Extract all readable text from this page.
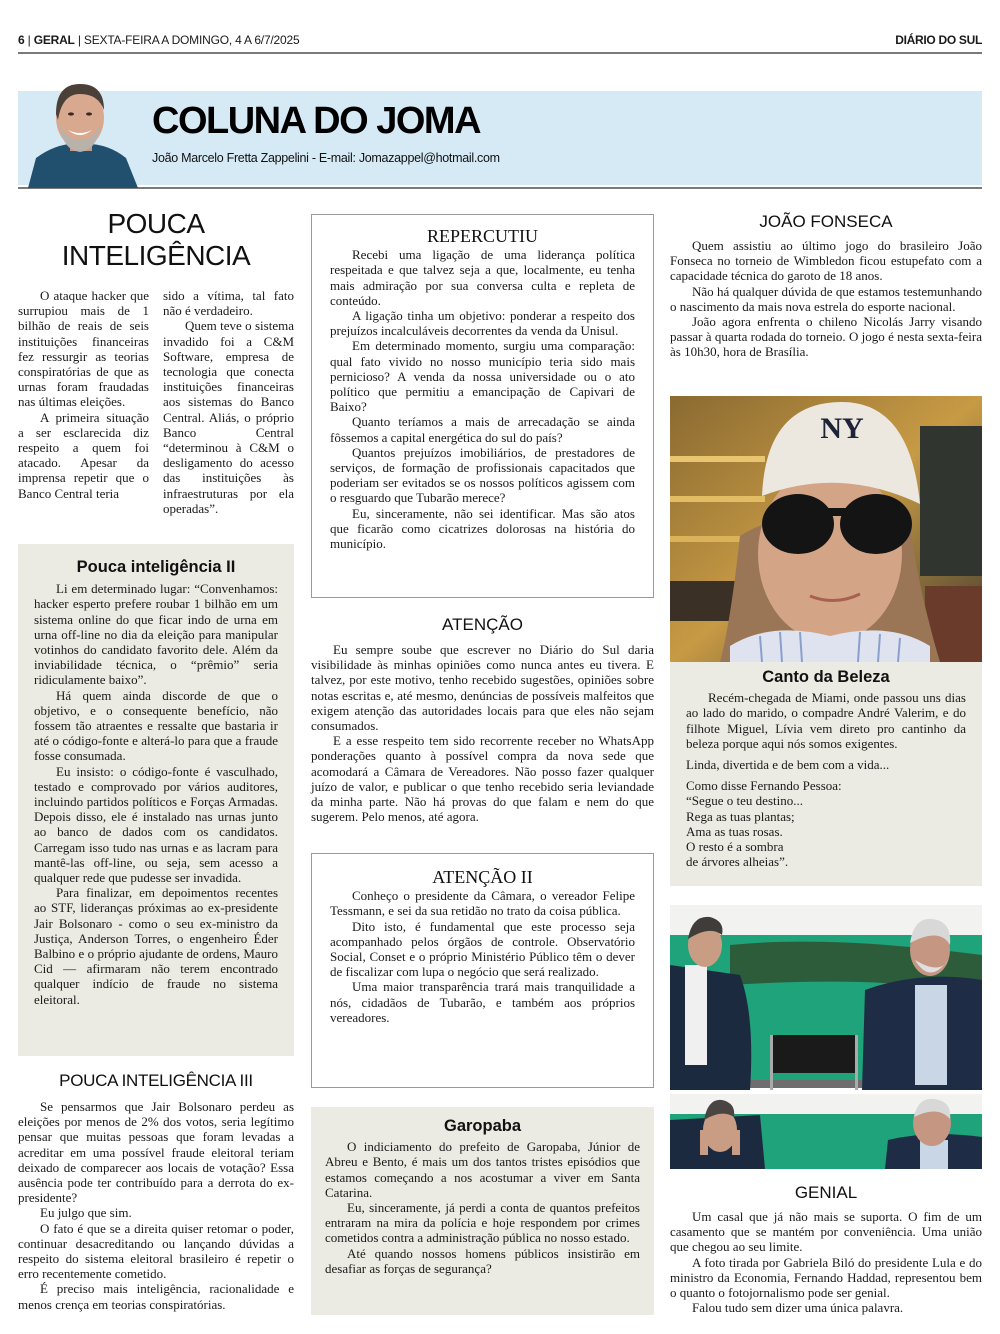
6 | GERAL | SEXTA-FEIRA A DOMINGO, 4 A 6/7/2025	DIÁRIO DO SUL
COLUNA DO JOMA
João Marcelo Fretta Zappelini - E-mail: Jomazappel@hotmail.com
POUCA
INTELIGÊNCIA

O ataque hacker que surrupiou mais de 1 bilhão de reais de seis instituições financeiras fez ressurgir as teorias conspiratórias de que as urnas foram fraudadas nas últimas eleições.

A primeira situação a ser esclarecida diz respeito a quem foi atacado. Apesar da imprensa repetir que o Banco Central teria

sido a vítima, tal fato não é verdadeiro.

Quem teve o sistema invadido foi a C&M Software, empresa de tecnologia que conecta instituições financeiras aos sistemas do Banco Central. Aliás, o próprio Banco Central “determinou à C&M o desligamento do acesso das instituições às infraestruturas por ela operadas”.

Pouca inteligência II

Li em determinado lugar: “Convenhamos: hacker esperto prefere roubar 1 bilhão em um sistema online do que ficar indo de urna em urna off-line no dia da eleição para manipular votinhos do candidato favorito dele. Além da inviabilidade técnica, o “prêmio” seria ridiculamente baixo”.

Há quem ainda discorde de que o objetivo, e o consequente benefício, não fossem tão atraentes e ressalte que bastaria ir até o código-fonte e alterá-lo para que a fraude fosse consumada.

Eu insisto: o código-fonte é vasculhado, testado e comprovado por vários auditores, incluindo partidos políticos e Forças Armadas. Depois disso, ele é instalado nas urnas junto ao banco de dados com os candidatos. Carregam isso tudo nas urnas e as lacram para mantê-las off-line, ou seja, sem acesso a qualquer rede que pudesse ser invadida.

Para finalizar, em depoimentos recentes ao STF, lideranças próximas ao ex-presidente Jair Bolsonaro - como o seu ex-ministro da Justiça, Anderson Torres, o engenheiro Éder Balbino e o próprio ajudante de ordens, Mauro Cid — afirmaram não terem encontrado qualquer indício de fraude no sistema eleitoral.

POUCA INTELIGÊNCIA III

Se pensarmos que Jair Bolsonaro perdeu as eleições por menos de 2% dos votos, seria legítimo pensar que muitas pessoas que foram levadas a acreditar em uma possível fraude eleitoral teriam deixado de comparecer aos locais de votação? Essa ausência pode ter contribuído para a derrota do ex-presidente?

Eu julgo que sim.

O fato é que se a direita quiser retomar o poder, continuar desacreditando ou lançando dúvidas a respeito do sistema eleitoral brasileiro é repetir o erro recentemente cometido.

É preciso mais inteligência, racionalidade e menos crença em teorias conspiratórias.

REPERCUTIU

Recebi uma ligação de uma liderança política respeitada e que talvez seja a que, localmente, eu tenha mais admiração por sua conversa culta e repleta de conteúdo.

A ligação tinha um objetivo: ponderar a respeito dos prejuízos incalculáveis decorrentes da venda da Unisul.

Em determinado momento, surgiu uma comparação: qual fato vivido no nosso município teria sido mais pernicioso? A venda da nossa universidade ou o ato político que permitiu a emancipação de Capivari de Baixo?

Quanto teríamos a mais de arrecadação se ainda fôssemos a capital energética do sul do país?

Quantos prejuízos imobiliários, de prestadores de serviços, de formação de profissionais capacitados que poderiam ser evitados se os nossos políticos agissem com o resguardo que Tubarão merece?

Eu, sinceramente, não sei identificar. Mas são atos que ficarão como cicatrizes dolorosas na história do município.

ATENÇÃO

Eu sempre soube que escrever no Diário do Sul daria visibilidade às minhas opiniões como nunca antes eu tivera. E talvez, por este motivo, tenho recebido sugestões, opiniões sobre notas escritas e, até mesmo, denúncias de possíveis malfeitos que exigem atenção das autoridades locais para que eles não sejam consumados.

E a esse respeito tem sido recorrente receber no WhatsApp ponderações quanto à possível compra da nova sede que acomodará a Câmara de Vereadores. Não posso fazer qualquer juízo de valor, e publicar o que tenho recebido seria leviandade da minha parte. Não há provas do que falam e nem do que sugerem. Pelo menos, até agora.

ATENÇÃO II

Conheço o presidente da Câmara, o vereador Felipe Tessmann, e sei da sua retidão no trato da coisa pública.

Dito isto, é fundamental que este processo seja acompanhado pelos órgãos de controle. Observatório Social, Conset e o próprio Ministério Público têm o dever de fiscalizar com lupa o negócio que será realizado.

Uma maior transparência trará mais tranquilidade a nós, cidadãos de Tubarão, e também aos próprios vereadores.

Garopaba

O indiciamento do prefeito de Garopaba, Júnior de Abreu e Bento, é mais um dos tantos tristes episódios que estamos começando a nos acostumar a viver em Santa Catarina.

Eu, sinceramente, já perdi a conta de quantos prefeitos entraram na mira da polícia e hoje respondem por crimes cometidos contra a administração pública no nosso estado.

Até quando nossos homens públicos insistirão em desafiar as forças de segurança?

JOÃO FONSECA

Quem assistiu ao último jogo do brasileiro João Fonseca no torneio de Wimbledon ficou estupefato com a capacidade técnica do garoto de 18 anos.

Não há qualquer dúvida de que estamos testemunhando o nascimento da mais nova estrela do esporte nacional.

João agora enfrenta o chileno Nicolás Jarry visando passar à quarta rodada do torneio. O jogo é nesta sexta-feira às 10h30, hora de Brasília.

NY
Canto da Beleza

Recém-chegada de Miami, onde passou uns dias ao lado do marido, o compadre André Valerim, e do filhote Miguel, Lívia vem direto pro cantinho da beleza porque aqui nós somos exigentes.

Linda, divertida e de bem com a vida...

Como disse Fernando Pessoa:

“Segue o teu destino...

Rega as tuas plantas;

Ama as tuas rosas.

O resto é a sombra

de árvores alheias”.

GENIAL

Um casal que já não mais se suporta. O fim de um casamento que se mantém por conveniência. Uma união que chegou ao seu limite.

A foto tirada por Gabriela Biló do presidente Lula e do ministro da Economia, Fernando Haddad, representou bem o quanto o fotojornalismo pode ser genial.

Falou tudo sem dizer uma única palavra.
